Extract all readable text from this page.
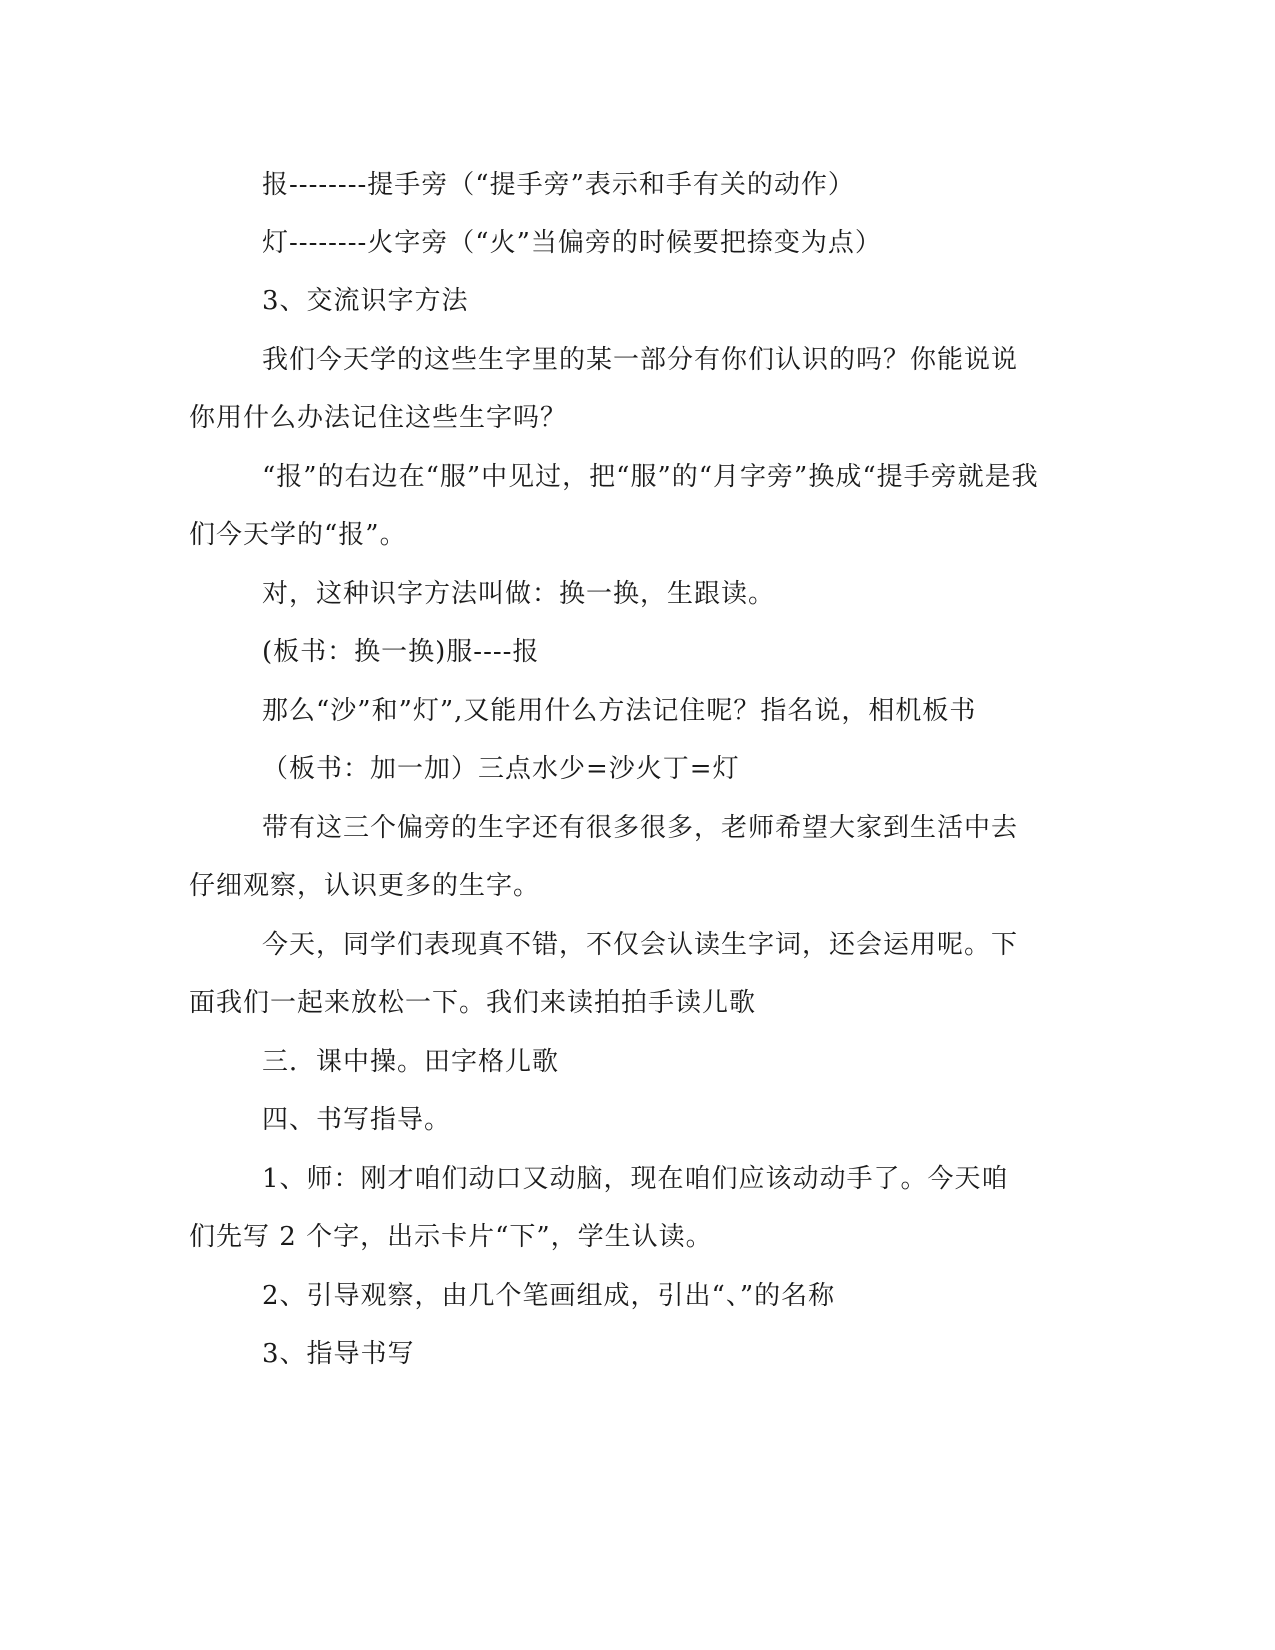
报--------提手旁（“提手旁”表示和手有关的动作）
灯--------火字旁（“火”当偏旁的时候要把捺变为点）
3、交流识字方法
我们今天学的这些生字里的某一部分有你们认识的吗？你能说说
你用什么办法记住这些生字吗？
“报”的右边在“服”中见过，把“服”的“月字旁”换成“提手旁就是我
们今天学的“报”。
对，这种识字方法叫做：换一换，生跟读。
(板书：换一换)服----报
那么“沙”和”灯”,又能用什么方法记住呢？指名说，相机板书
（板书：加一加）三点水少=沙火丁=灯
带有这三个偏旁的生字还有很多很多，老师希望大家到生活中去
仔细观察，认识更多的生字。
今天，同学们表现真不错，不仅会认读生字词，还会运用呢。下
面我们一起来放松一下。我们来读拍拍手读儿歌
三．课中操。田字格儿歌
四、书写指导。
1、师：刚才咱们动口又动脑，现在咱们应该动动手了。今天咱
们先写 2 个字，出示卡片“下”，学生认读。
2、引导观察，由几个笔画组成，引出“、”的名称
3、指导书写
